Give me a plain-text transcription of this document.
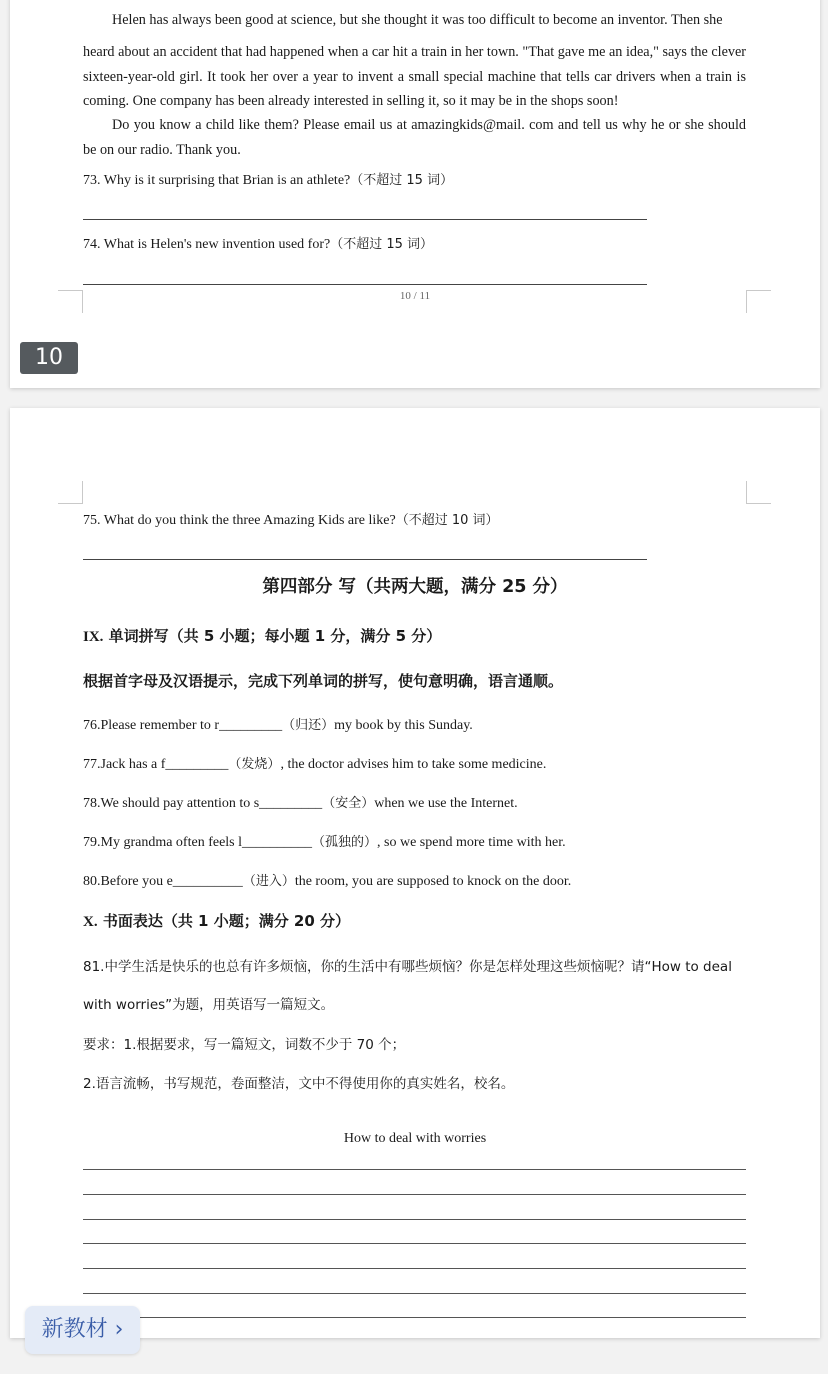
Helen has always been good at science, but she thought it was too difficult to become an inventor. Then she

heard about an accident that had happened when a car hit a train in her town. "That gave me an idea," says the clever sixteen-year-old girl. It took her over a year to invent a small special machine that tells car drivers when a train is coming. One company has been already interested in selling it, so it may be in the shops soon!

Do you know a child like them? Please email us at amazingkids@mail. com and tell us why he or she should be on our radio. Thank you.

73. Why is it surprising that Brian is an athlete?（不超过 15 词）
74. What is Helen's new invention used for?（不超过 15 词）
10 / 11
10
75. What do you think the three Amazing Kids are like?（不超过 10 词）
第四部分 写（共两大题，满分 25 分）
IX. 单词拼写（共 5 小题；每小题 1 分，满分 5 分）
根据首字母及汉语提示，完成下列单词的拼写，使句意明确，语言通顺。
76.Please remember to r_________（归还）my book by this Sunday.
77.Jack has a f_________（发烧）, the doctor advises him to take some medicine.
78.We should pay attention to s_________（安全）when we use the Internet.
79.My grandma often feels l__________（孤独的）, so we spend more time with her.
80.Before you e__________（进入）the room, you are supposed to knock on the door.
X. 书面表达（共 1 小题；满分 20 分）
81.中学生活是快乐的也总有许多烦恼，你的生活中有哪些烦恼？你是怎样处理这些烦恼呢？请“How to deal
with worries”为题，用英语写一篇短文。
要求：1.根据要求，写一篇短文，词数不少于 70 个；
2.语言流畅，书写规范，卷面整洁，文中不得使用你的真实姓名，校名。
How to deal with worries
新教材 ›
